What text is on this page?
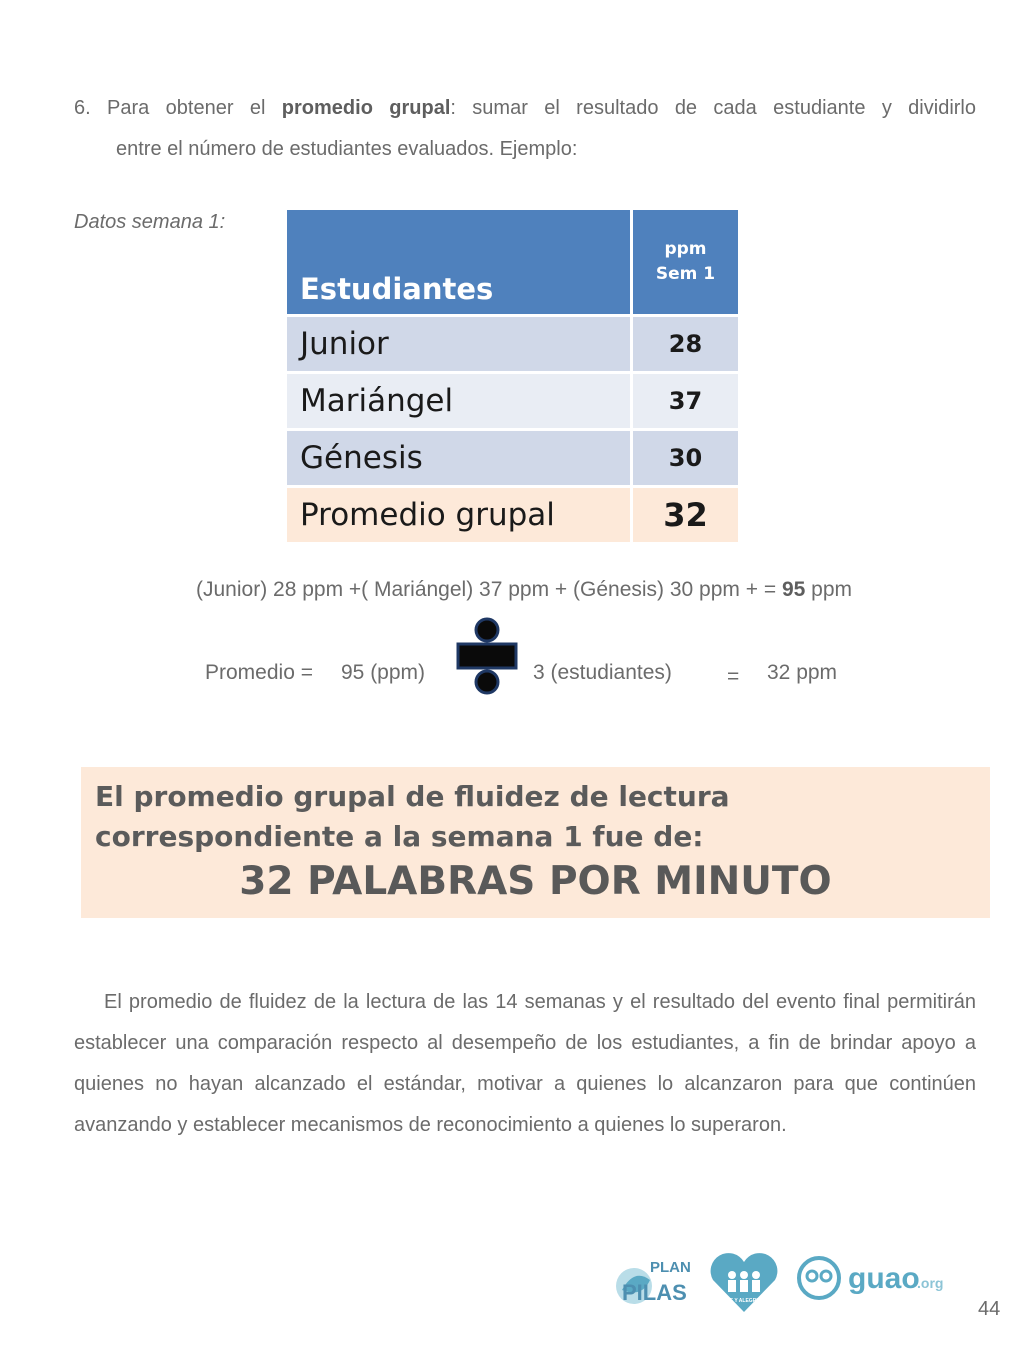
6. Para obtener el promedio grupal: sumar el resultado de cada estudiante y dividirlo
entre el número de estudiantes evaluados. Ejemplo:
Datos semana 1:
Estudiantes	ppm
Sem 1
Junior	28
Mariángel	37
Génesis	30
Promedio grupal	32
(Junior) 28 ppm +( Mariángel) 37 ppm + (Génesis) 30 ppm + = 95 ppm
Promedio = 95 (ppm)	3 (estudiantes)	= 32 ppm
El promedio grupal de fluidez de lectura correspondiente a la semana 1 fue de:
32 PALABRAS POR MINUTO
El promedio de fluidez de la lectura de las 14 semanas y el resultado del evento final permitirán establecer una comparación respecto al desempeño de los estudiantes, a fin de brindar apoyo a quienes no hayan alcanzado el estándar, motivar a quienes lo alcanzaron para que continúen avanzando y establecer mecanismos de reconocimiento a quienes lo superaron.
PLAN
PILAS	FE Y ALEGRIA
guao
.org
44
